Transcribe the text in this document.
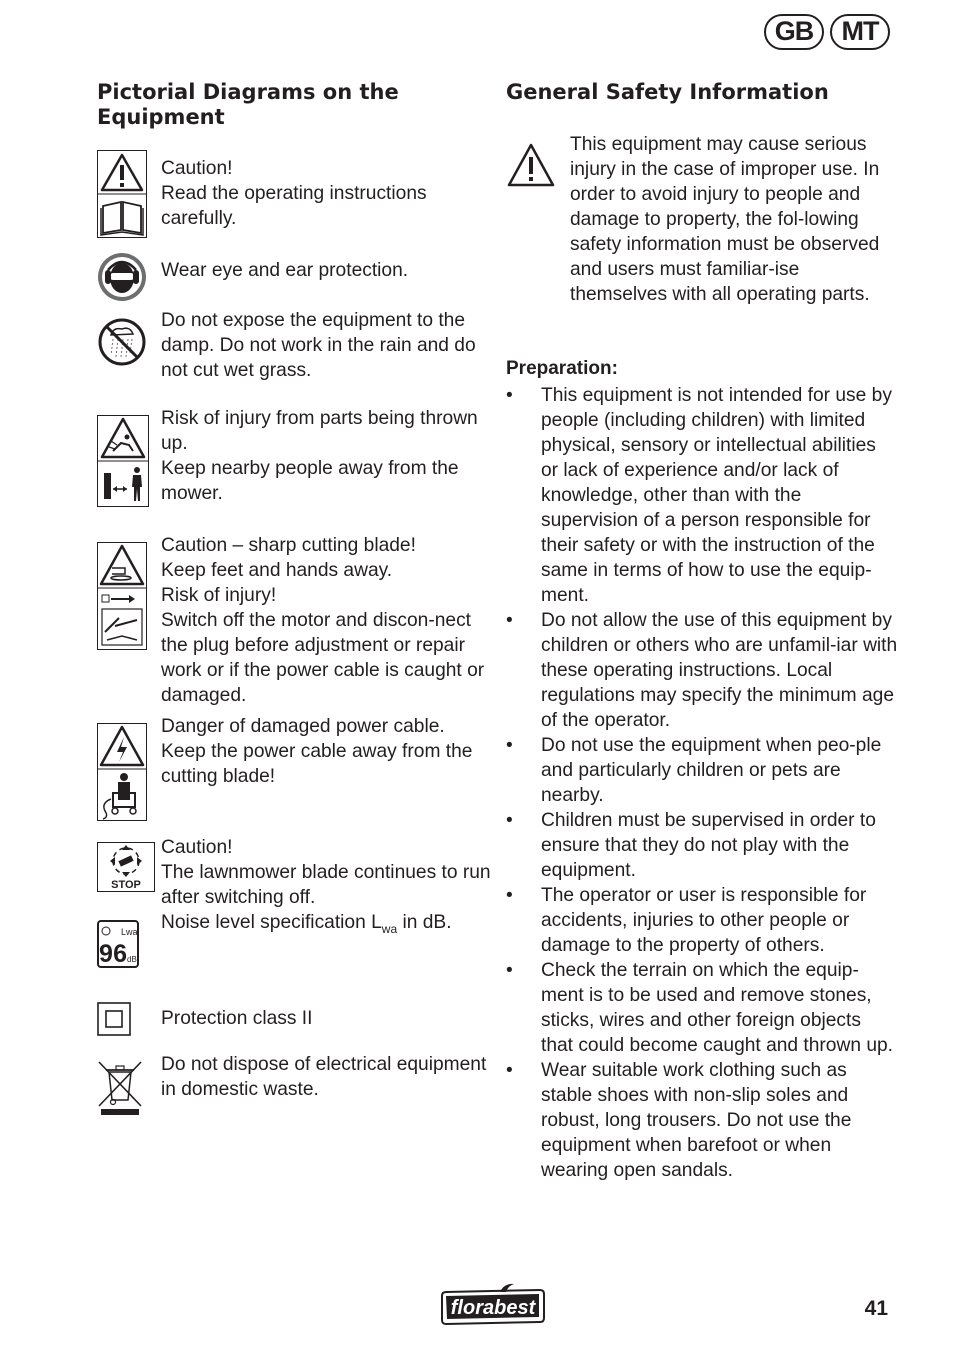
GB	MT
Pictorial Diagrams on the Equipment
Caution!
Read the operating instructions carefully.
Wear eye and ear protection.
Do not expose the equipment to the damp. Do not work in the rain and do not cut wet grass.
Risk of injury from parts being thrown up.
Keep nearby people away from the mower.
Caution – sharp cutting blade!
Keep feet and hands away.
Risk of injury!
Switch off the motor and discon-nect the plug before adjustment or repair work or if the power cable is caught or damaged.
Danger of damaged power cable.
Keep the power cable away from the cutting blade!
STOP
Caution!
The lawnmower blade continues to run after switching off.
Lwa
96 dB
Noise level specification $L_{wa}$ in dB.
Protection class II
Do not dispose of electrical equipment in domestic waste.
General Safety Information
This equipment may cause serious injury in the case of improper use. In order to avoid injury to people and damage to property, the fol-lowing safety information must be observed and users must familiar-ise themselves with all operating parts.
Preparation:
• This equipment is not intended for use by people (including children) with limited physical, sensory or intellectual abilities or lack of experience and/or lack of knowledge, other than with the supervision of a person responsible for their safety or with the instruction of the same in terms of how to use the equip-ment.
• Do not allow the use of this equipment by children or others who are unfamil-iar with these operating instructions. Local regulations may specify the minimum age of the operator.
• Do not use the equipment when peo-ple and particularly children or pets are nearby.
• Children must be supervised in order to ensure that they do not play with the equipment.
• The operator or user is responsible for accidents, injuries to other people or damage to the property of others.
• Check the terrain on which the equip-ment is to be used and remove stones, sticks, wires and other foreign objects that could become caught and thrown up.
• Wear suitable work clothing such as stable shoes with non-slip soles and robust, long trousers. Do not use the equipment when barefoot or when wearing open sandals.
florabest	41
